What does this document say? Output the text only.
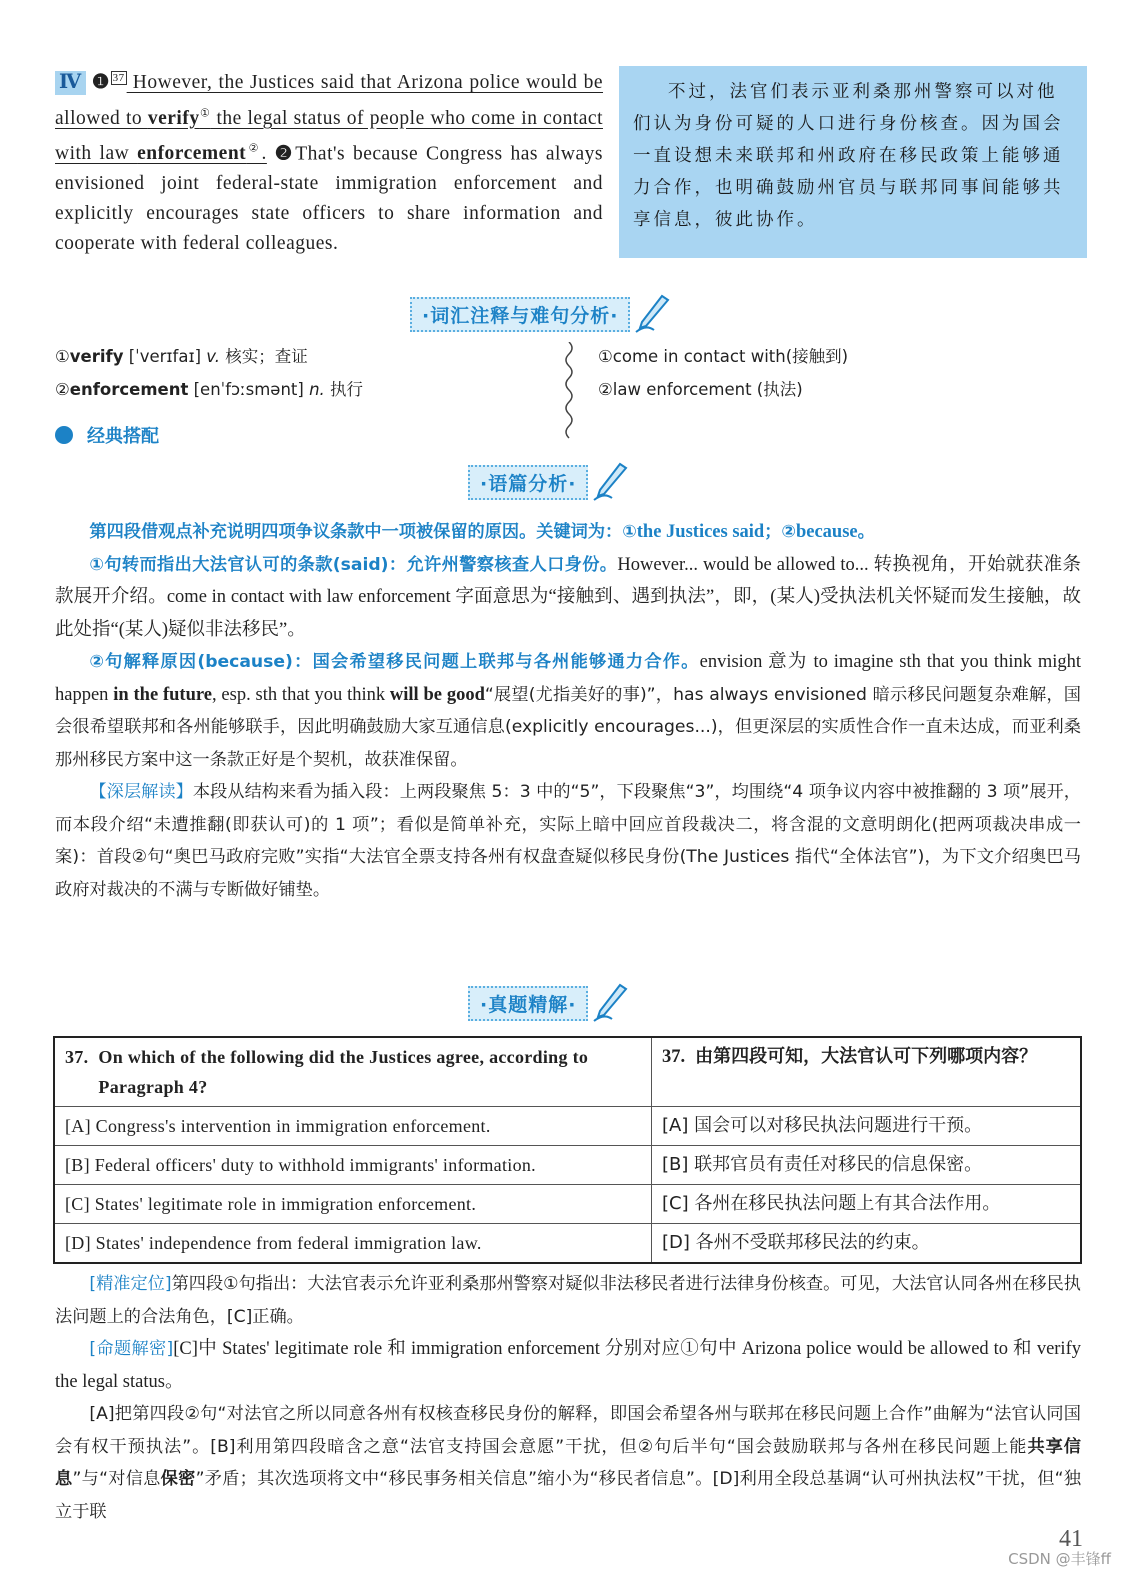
Ⅳ ❶ $^{37}$ However, the Justices said that Arizona police would be allowed to verify① the legal status of people who come in contact with law enforcement②. ❷That's because Congress has always envisioned joint federal-state immigration enforcement and explicitly encourages state officers to share information and cooperate with federal colleagues.

不过，法官们表示亚利桑那州警察可以对他们认为身份可疑的人口进行身份核查。因为国会一直设想未来联邦和州政府在移民政策上能够通力合作，也明确鼓励州官员与联邦同事间能够共享信息，彼此协作。

·词汇注释与难句分析·
①verify [ˈverɪfaɪ] v. 核实；查证
②enforcement [enˈfɔːsmənt] n. 执行
①come in contact with(接触到)
②law enforcement (执法)
经典搭配
·语篇分析·

第四段借观点补充说明四项争议条款中一项被保留的原因。关键词为：①the Justices said；②because。

①句转而指出大法官认可的条款(said)：允许州警察核查人口身份。However... would be allowed to... 转换视角，开始就获准条款展开介绍。come in contact with law enforcement 字面意思为“接触到、遇到执法”，即，(某人)受执法机关怀疑而发生接触，故此处指“(某人)疑似非法移民”。

②句解释原因(because)：国会希望移民问题上联邦与各州能够通力合作。envision 意为 to imagine sth that you think might happen in the future, esp. sth that you think will be good“展望(尤指美好的事)”，has always envisioned 暗示移民问题复杂难解，国会很希望联邦和各州能够联手，因此明确鼓励大家互通信息(explicitly encourages...)，但更深层的实质性合作一直未达成，而亚利桑那州移民方案中这一条款正好是个契机，故获准保留。

【深层解读】本段从结构来看为插入段：上两段聚焦 5：3 中的“5”，下段聚焦“3”，均围绕“4 项争议内容中被推翻的 3 项”展开，而本段介绍“未遭推翻(即获认可)的 1 项”；看似是简单补充，实际上暗中回应首段裁决二，将含混的文意明朗化(把两项裁决串成一案)：首段②句“奥巴马政府完败”实指“大法官全票支持各州有权盘查疑似移民身份(The Justices 指代“全体法官”)，为下文介绍奥巴马政府对裁决的不满与专断做好铺垫。

·真题精解·
37. On which of the following did the Justices agree, according to Paragraph 4?	37. 由第四段可知，大法官认可下列哪项内容？

[A] Congress's intervention in immigration enforcement.	[A] 国会可以对移民执法问题进行干预。
[B] Federal officers' duty to withhold immigrants' information.	[B] 联邦官员有责任对移民的信息保密。
[C] States' legitimate role in immigration enforcement.	[C] 各州在移民执法问题上有其合法作用。
[D] States' independence from federal immigration law.	[D] 各州不受联邦移民法的约束。

[精准定位]第四段①句指出：大法官表示允许亚利桑那州警察对疑似非法移民者进行法律身份核查。可见，大法官认同各州在移民执法问题上的合法角色，[C]正确。

[命题解密][C]中 States' legitimate role 和 immigration enforcement 分别对应①句中 Arizona police would be allowed to 和 verify the legal status。

[A]把第四段②句“对法官之所以同意各州有权核查移民身份的解释，即国会希望各州与联邦在移民问题上合作”曲解为“法官认同国会有权干预执法”。[B]利用第四段暗含之意“法官支持国会意愿”干扰，但②句后半句“国会鼓励联邦与各州在移民问题上能共享信息”与“对信息保密”矛盾；其次选项将文中“移民事务相关信息”缩小为“移民者信息”。[D]利用全段总基调“认可州执法权”干扰，但“独立于联

CSDN @丰锋ff
41
